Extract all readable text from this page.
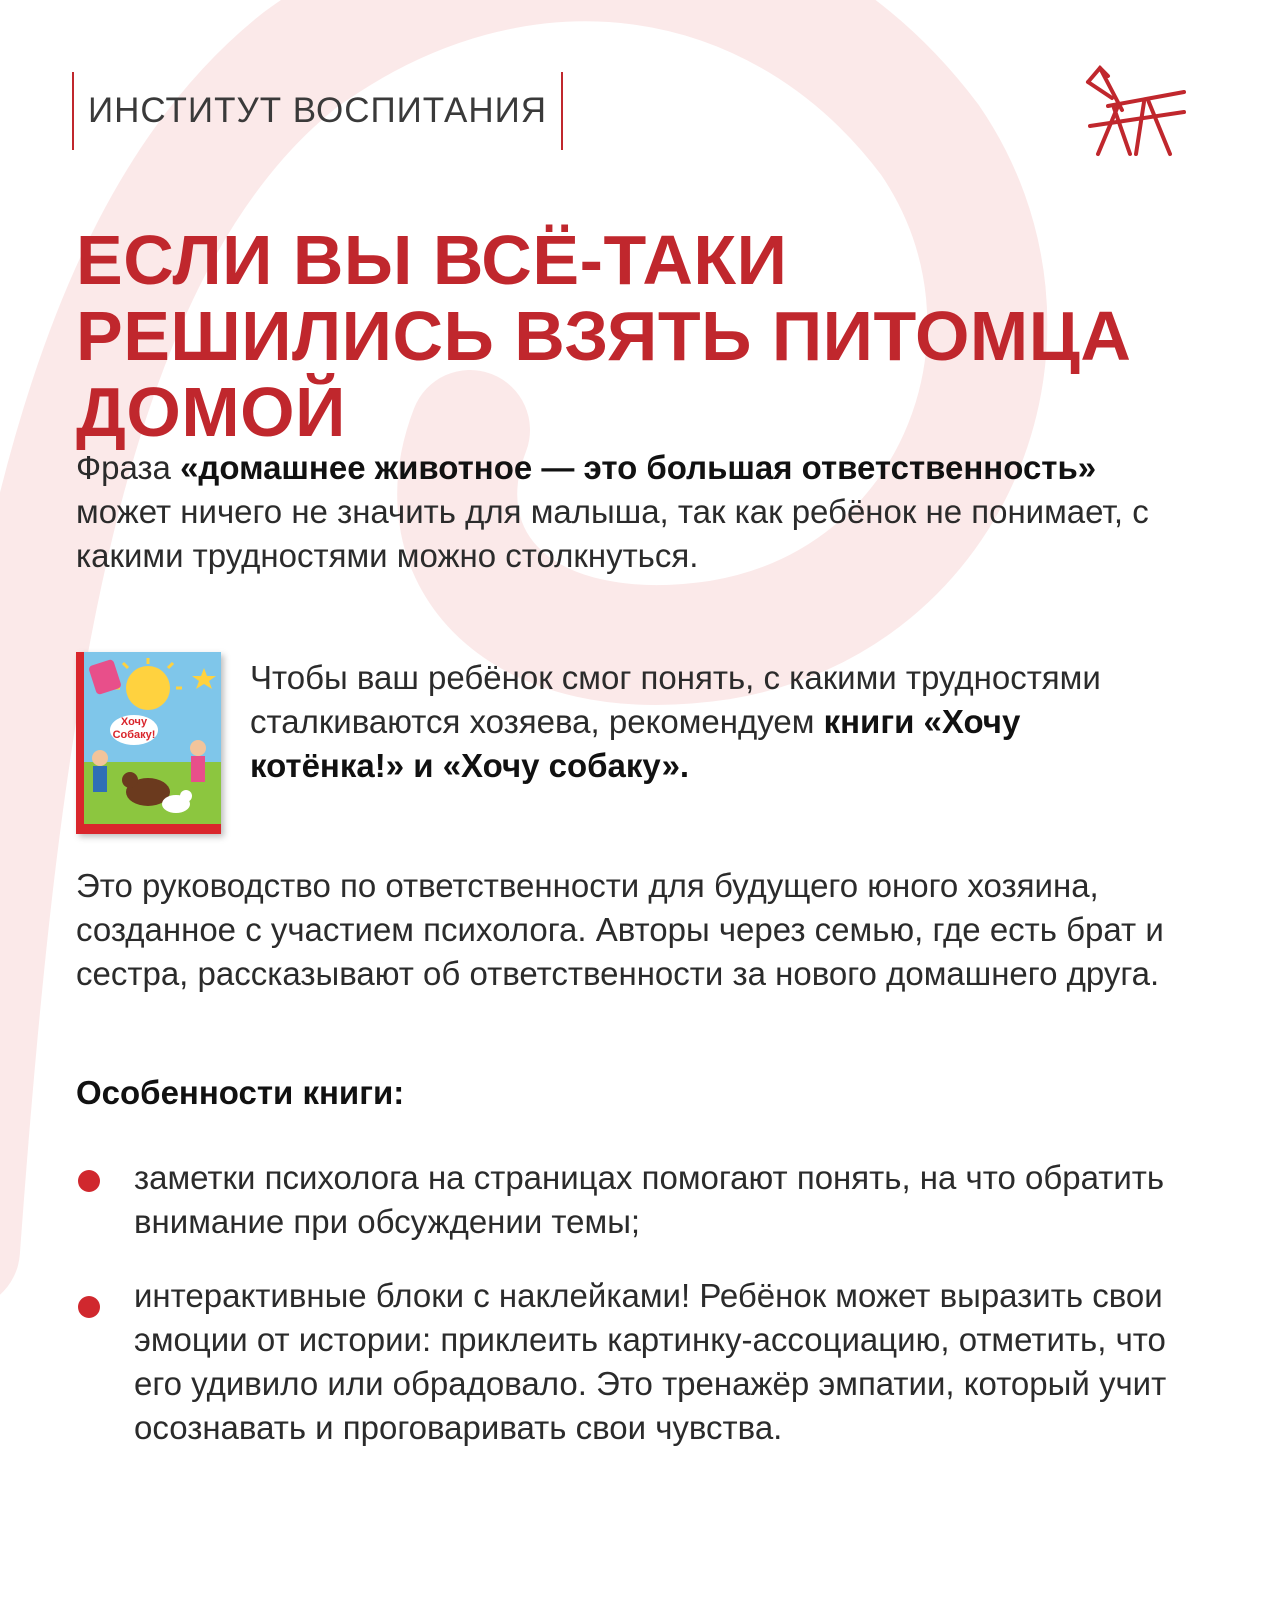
ИНСТИТУТ ВОСПИТАНИЯ
ЕСЛИ ВЫ ВСЁ-ТАКИ РЕШИЛИСЬ ВЗЯТЬ ПИТОМЦА ДОМОЙ

Фраза «домашнее животное — это большая ответственность» может ничего не значить для малыша, так как ребёнок не понимает, с какими трудностями можно столкнуться.

Хочу
Собаку!

Чтобы ваш ребёнок смог понять, с какими трудностями сталкиваются хозяева, рекомендуем книги «Хочу котёнка!» и «Хочу собаку».

Это руководство по ответственности для будущего юного хозяина, созданное с участием психолога. Авторы через семью, где есть брат и сестра, рассказывают об ответственности за нового домашнего друга.

Особенности книги:
заметки психолога на страницах помогают понять, на что обратить внимание при обсуждении темы;
интерактивные блоки с наклейками! Ребёнок может выразить свои эмоции от истории: приклеить картинку-ассоциацию, отметить, что его удивило или обрадовало. Это тренажёр эмпатии, который учит осознавать и проговаривать свои чувства.
